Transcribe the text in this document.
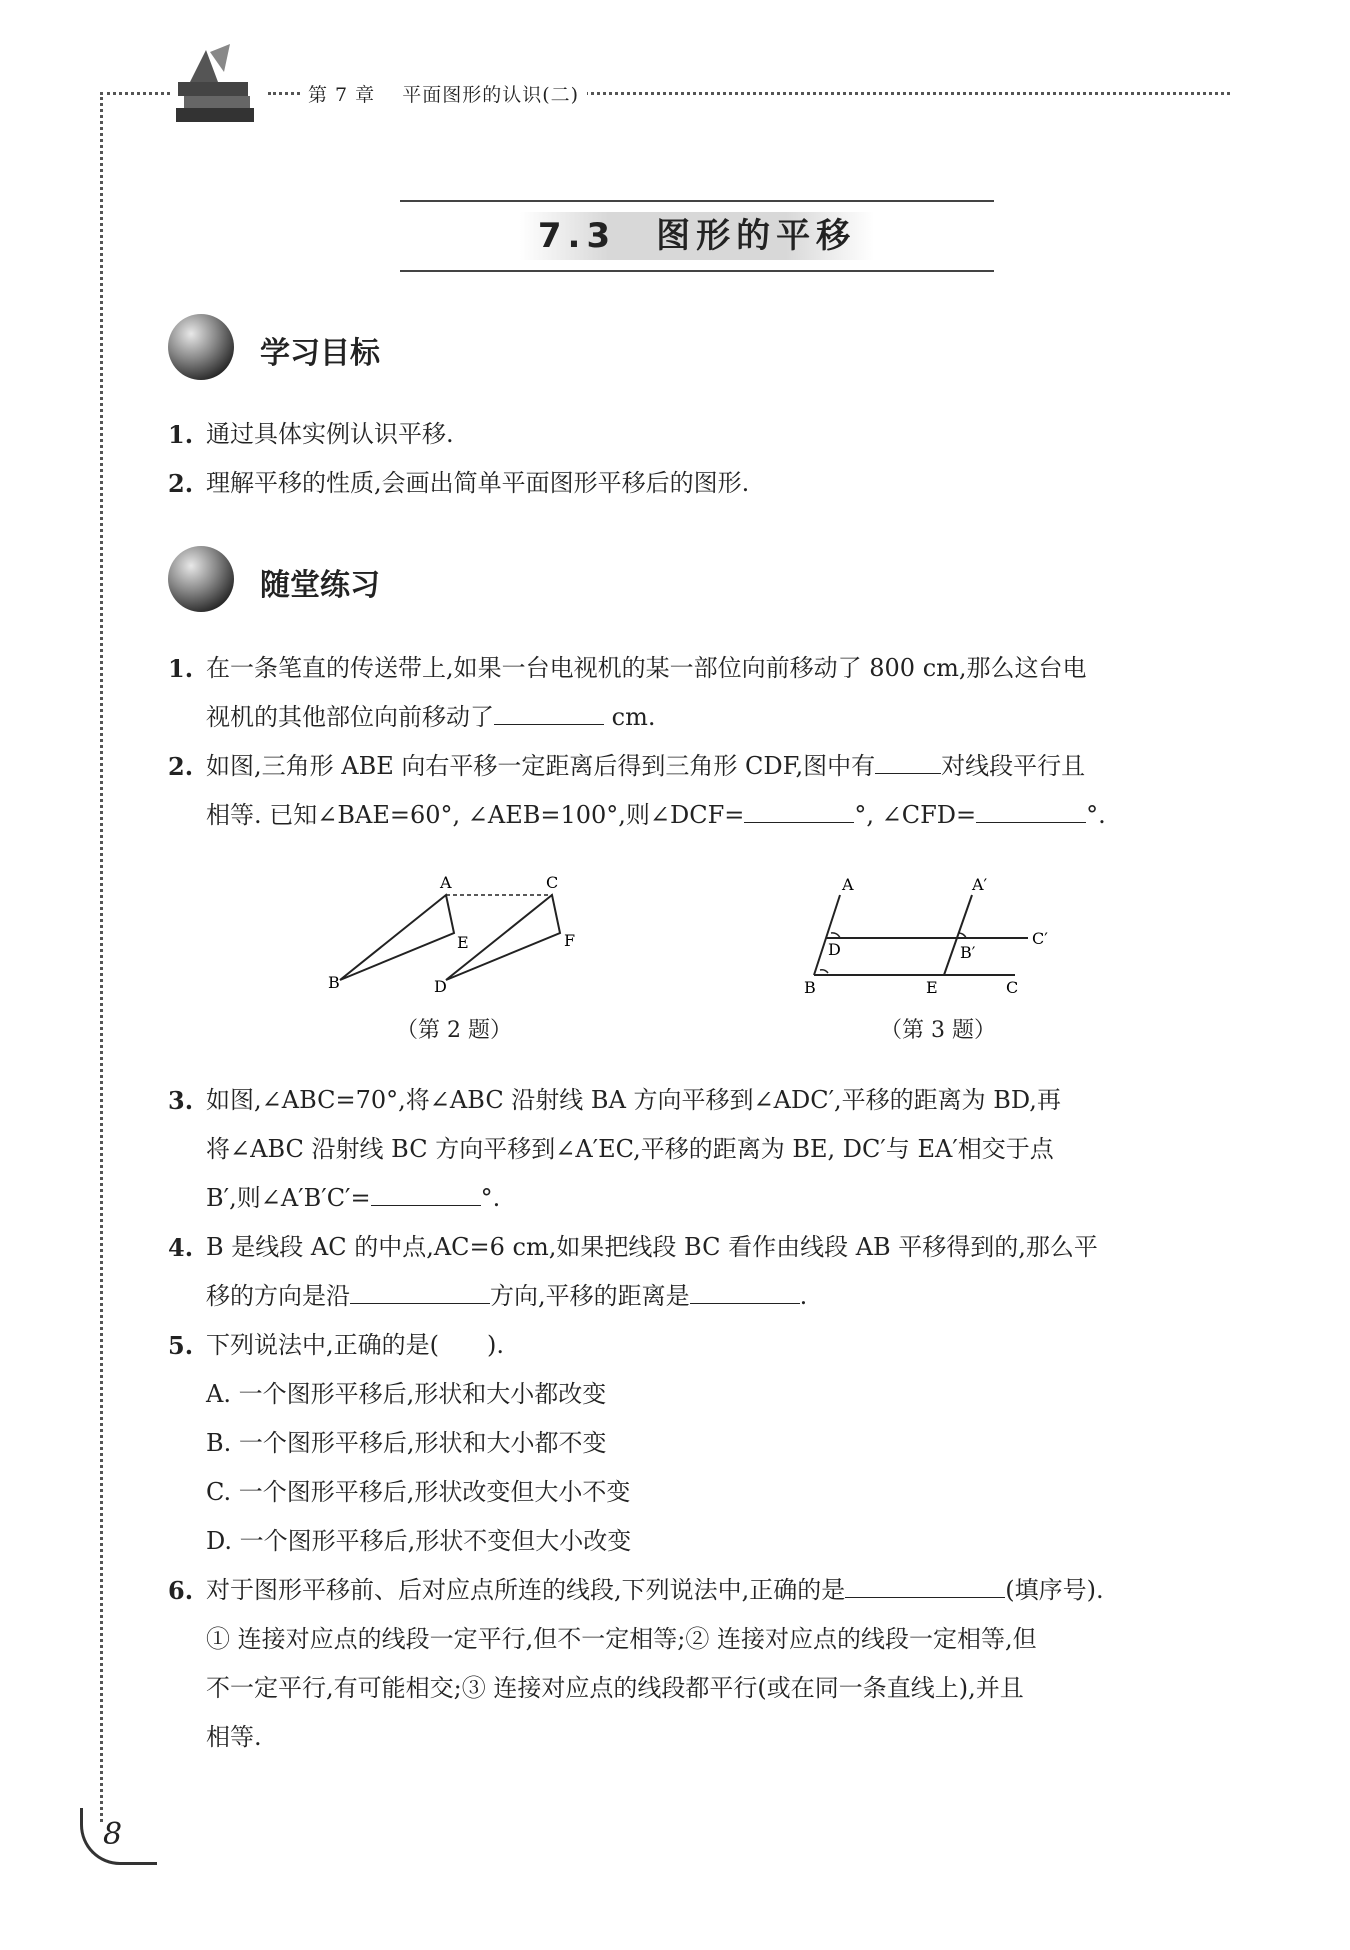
第 7 章　 平面图形的认识(二)
7.3　图形的平移
学习目标
1. 通过具体实例认识平移.
2. 理解平移的性质,会画出简单平面图形平移后的图形.
随堂练习
1. 在一条笔直的传送带上,如果一台电视机的某一部位向前移动了 800 cm,那么这台电
视机的其他部位向前移动了	cm.
2. 如图,三角形 ABE 向右平移一定距离后得到三角形 CDF,图中有	对线段平行且
相等. 已知∠BAE=60°, ∠AEB=100°,则∠DCF=	°, ∠CFD=	°.
A
B
C
D
E	F
（第 2 题）
A	A′
D	B′
C′
B	E	C
（第 3 题）
3. 如图,∠ABC=70°,将∠ABC 沿射线 BA 方向平移到∠ADC′,平移的距离为 BD,再
将∠ABC 沿射线 BC 方向平移到∠A′EC,平移的距离为 BE, DC′与 EA′相交于点
B′,则∠A′B′C′=	°.
4. B 是线段 AC 的中点,AC=6 cm,如果把线段 BC 看作由线段 AB 平移得到的,那么平
移的方向是沿	方向,平移的距离是	.
5. 下列说法中,正确的是(　　).
A. 一个图形平移后,形状和大小都改变
B. 一个图形平移后,形状和大小都不变
C. 一个图形平移后,形状改变但大小不变
D. 一个图形平移后,形状不变但大小改变
6. 对于图形平移前、后对应点所连的线段,下列说法中,正确的是	(填序号).
① 连接对应点的线段一定平行,但不一定相等;② 连接对应点的线段一定相等,但
不一定平行,有可能相交;③ 连接对应点的线段都平行(或在同一条直线上),并且
相等.
8
